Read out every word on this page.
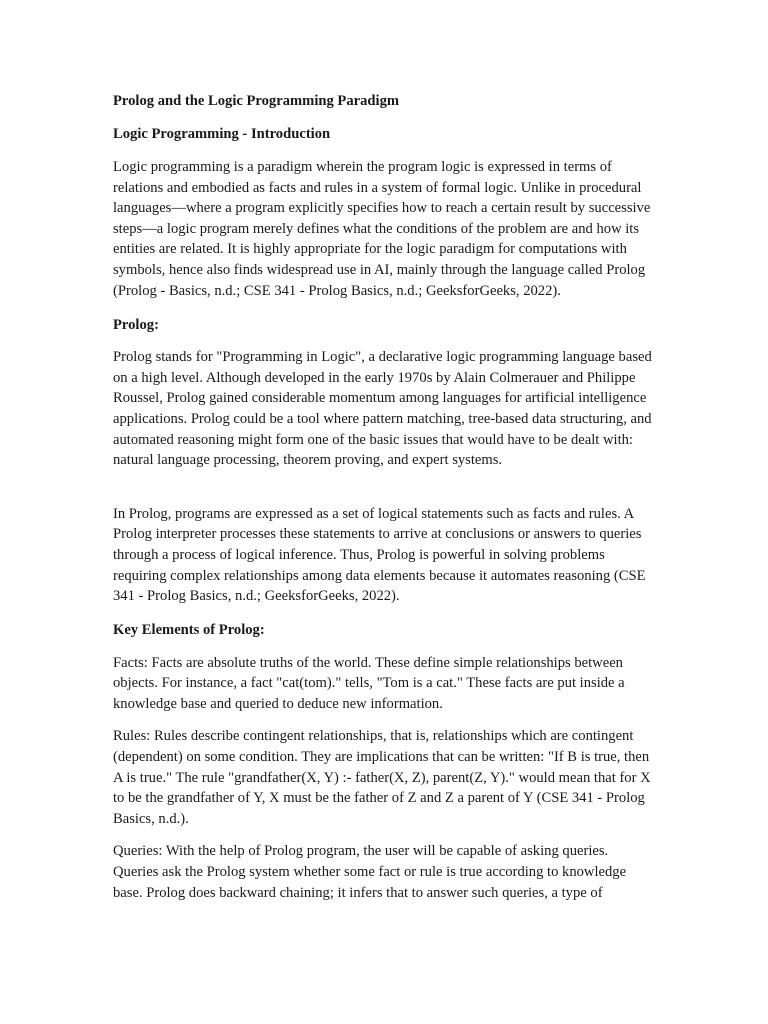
Prolog and the Logic Programming Paradigm

Logic Programming - Introduction

Logic programming is a paradigm wherein the program logic is expressed in terms of relations and embodied as facts and rules in a system of formal logic. Unlike in procedural languages—where a program explicitly specifies how to reach a certain result by successive steps—a logic program merely defines what the conditions of the problem are and how its entities are related. It is highly appropriate for the logic paradigm for computations with symbols, hence also finds widespread use in AI, mainly through the language called Prolog (Prolog - Basics, n.d.; CSE 341 - Prolog Basics, n.d.; GeeksforGeeks, 2022).

Prolog:

Prolog stands for "Programming in Logic", a declarative logic programming language based on a high level. Although developed in the early 1970s by Alain Colmerauer and Philippe Roussel, Prolog gained considerable momentum among languages for artificial intelligence applications. Prolog could be a tool where pattern matching, tree-based data structuring, and automated reasoning might form one of the basic issues that would have to be dealt with: natural language processing, theorem proving, and expert systems.

In Prolog, programs are expressed as a set of logical statements such as facts and rules. A Prolog interpreter processes these statements to arrive at conclusions or answers to queries through a process of logical inference. Thus, Prolog is powerful in solving problems requiring complex relationships among data elements because it automates reasoning (CSE 341 - Prolog Basics, n.d.; GeeksforGeeks, 2022).

Key Elements of Prolog:

Facts: Facts are absolute truths of the world. These define simple relationships between objects. For instance, a fact "cat(tom)." tells, "Tom is a cat." These facts are put inside a knowledge base and queried to deduce new information.

Rules: Rules describe contingent relationships, that is, relationships which are contingent (dependent) on some condition. They are implications that can be written: "If B is true, then A is true." The rule "grandfather(X, Y) :- father(X, Z), parent(Z, Y)." would mean that for X to be the grandfather of Y, X must be the father of Z and Z a parent of Y (CSE 341 - Prolog Basics, n.d.).

Queries: With the help of Prolog program, the user will be capable of asking queries. Queries ask the Prolog system whether some fact or rule is true according to knowledge base. Prolog does backward chaining; it infers that to answer such queries, a type of
